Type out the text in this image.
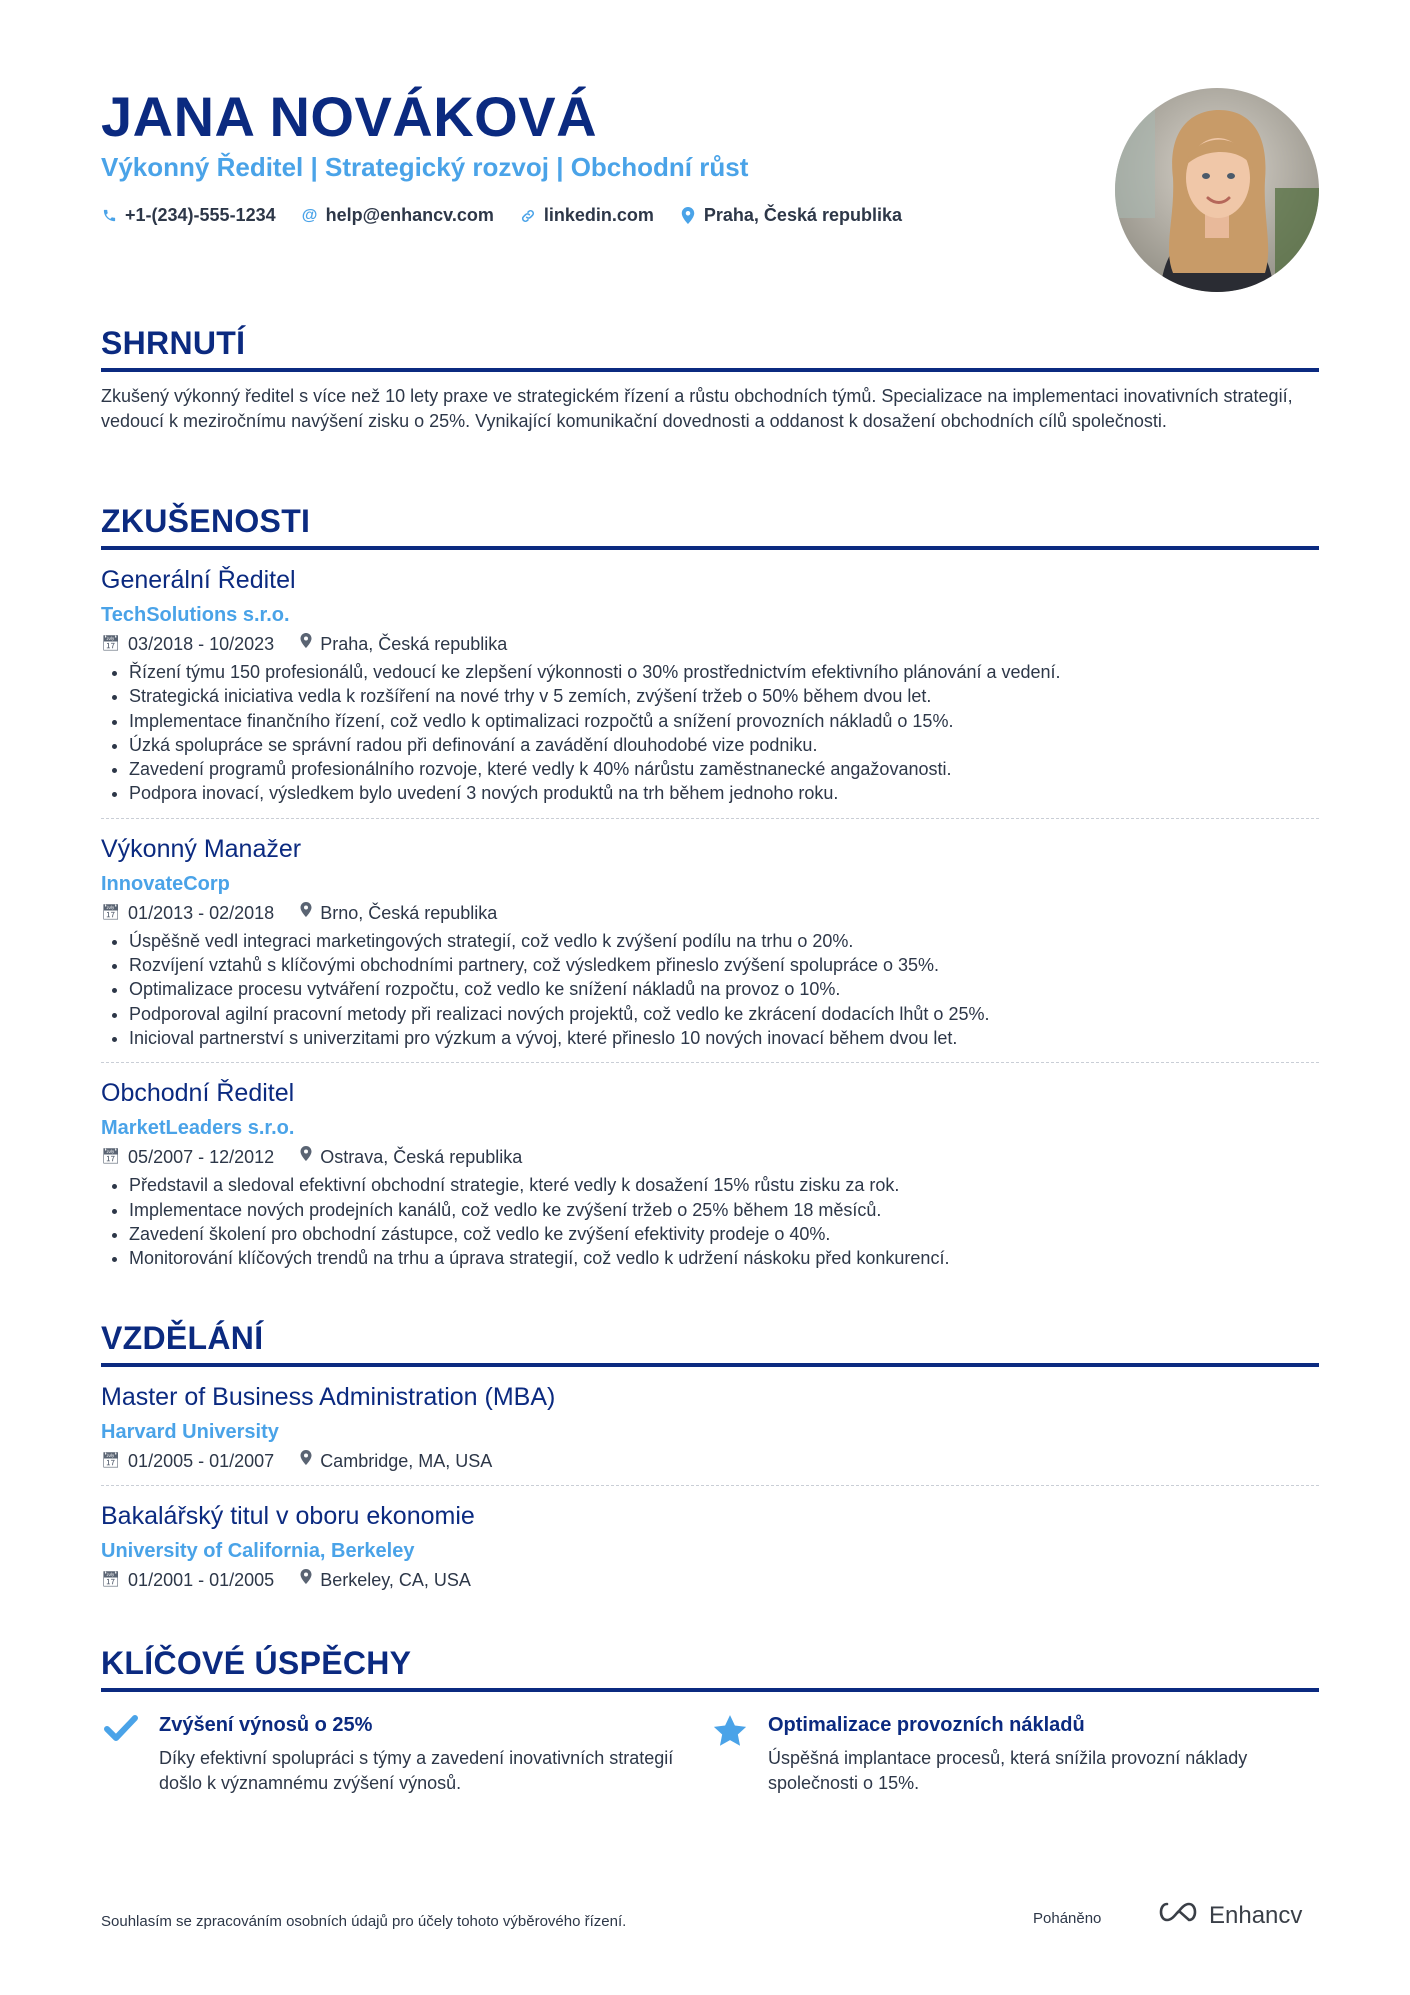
JANA NOVÁKOVÁ
Výkonný Ředitel | Strategický rozvoj | Obchodní růst
+1-(234)-555-1234 @ help@enhancv.com	linkedin.com	Praha, Česká republika
SHRNUTÍ

Zkušený výkonný ředitel s více než 10 lety praxe ve strategickém řízení a růstu obchodních týmů. Specializace na implementaci inovativních strategií, vedoucí k meziročnímu navýšení zisku o 25%. Vynikající komunikační dovednosti a oddanost k dosažení obchodních cílů společnosti.

ZKUŠENOSTI
Generální Ředitel
TechSolutions s.r.o.
📅︎ 03/2018 - 10/2023	Praha, Česká republika
• Řízení týmu 150 profesionálů, vedoucí ke zlepšení výkonnosti o 30% prostřednictvím efektivního plánování a vedení.
• Strategická iniciativa vedla k rozšíření na nové trhy v 5 zemích, zvýšení tržeb o 50% během dvou let.
• Implementace finančního řízení, což vedlo k optimalizaci rozpočtů a snížení provozních nákladů o 15%.
• Úzká spolupráce se správní radou při definování a zavádění dlouhodobé vize podniku.
• Zavedení programů profesionálního rozvoje, které vedly k 40% nárůstu zaměstnanecké angažovanosti.
• Podpora inovací, výsledkem bylo uvedení 3 nových produktů na trh během jednoho roku.
Výkonný Manažer
InnovateCorp
📅︎ 01/2013 - 02/2018	Brno, Česká republika
• Úspěšně vedl integraci marketingových strategií, což vedlo k zvýšení podílu na trhu o 20%.
• Rozvíjení vztahů s klíčovými obchodními partnery, což výsledkem přineslo zvýšení spolupráce o 35%.
• Optimalizace procesu vytváření rozpočtu, což vedlo ke snížení nákladů na provoz o 10%.
• Podporoval agilní pracovní metody při realizaci nových projektů, což vedlo ke zkrácení dodacích lhůt o 25%.
• Inicioval partnerství s univerzitami pro výzkum a vývoj, které přineslo 10 nových inovací během dvou let.
Obchodní Ředitel
MarketLeaders s.r.o.
📅︎ 05/2007 - 12/2012	Ostrava, Česká republika
• Představil a sledoval efektivní obchodní strategie, které vedly k dosažení 15% růstu zisku za rok.
• Implementace nových prodejních kanálů, což vedlo ke zvýšení tržeb o 25% během 18 měsíců.
• Zavedení školení pro obchodní zástupce, což vedlo ke zvýšení efektivity prodeje o 40%.
• Monitorování klíčových trendů na trhu a úprava strategií, což vedlo k udržení náskoku před konkurencí.
VZDĚLÁNÍ
Master of Business Administration (MBA)
Harvard University
📅︎ 01/2005 - 01/2007	Cambridge, MA, USA
Bakalářský titul v oboru ekonomie
University of California, Berkeley
📅︎ 01/2001 - 01/2005	Berkeley, CA, USA
KLÍČOVÉ ÚSPĚCHY
Zvýšení výnosů o 25%
Díky efektivní spolupráci s týmy a zavedení inovativních strategií došlo k významnému zvýšení výnosů.
Optimalizace provozních nákladů
Úspěšná implantace procesů, která snížila provozní náklady společnosti o 15%.
Souhlasím se zpracováním osobních údajů pro účely tohoto výběrového řízení.	Poháněno	Enhancv
